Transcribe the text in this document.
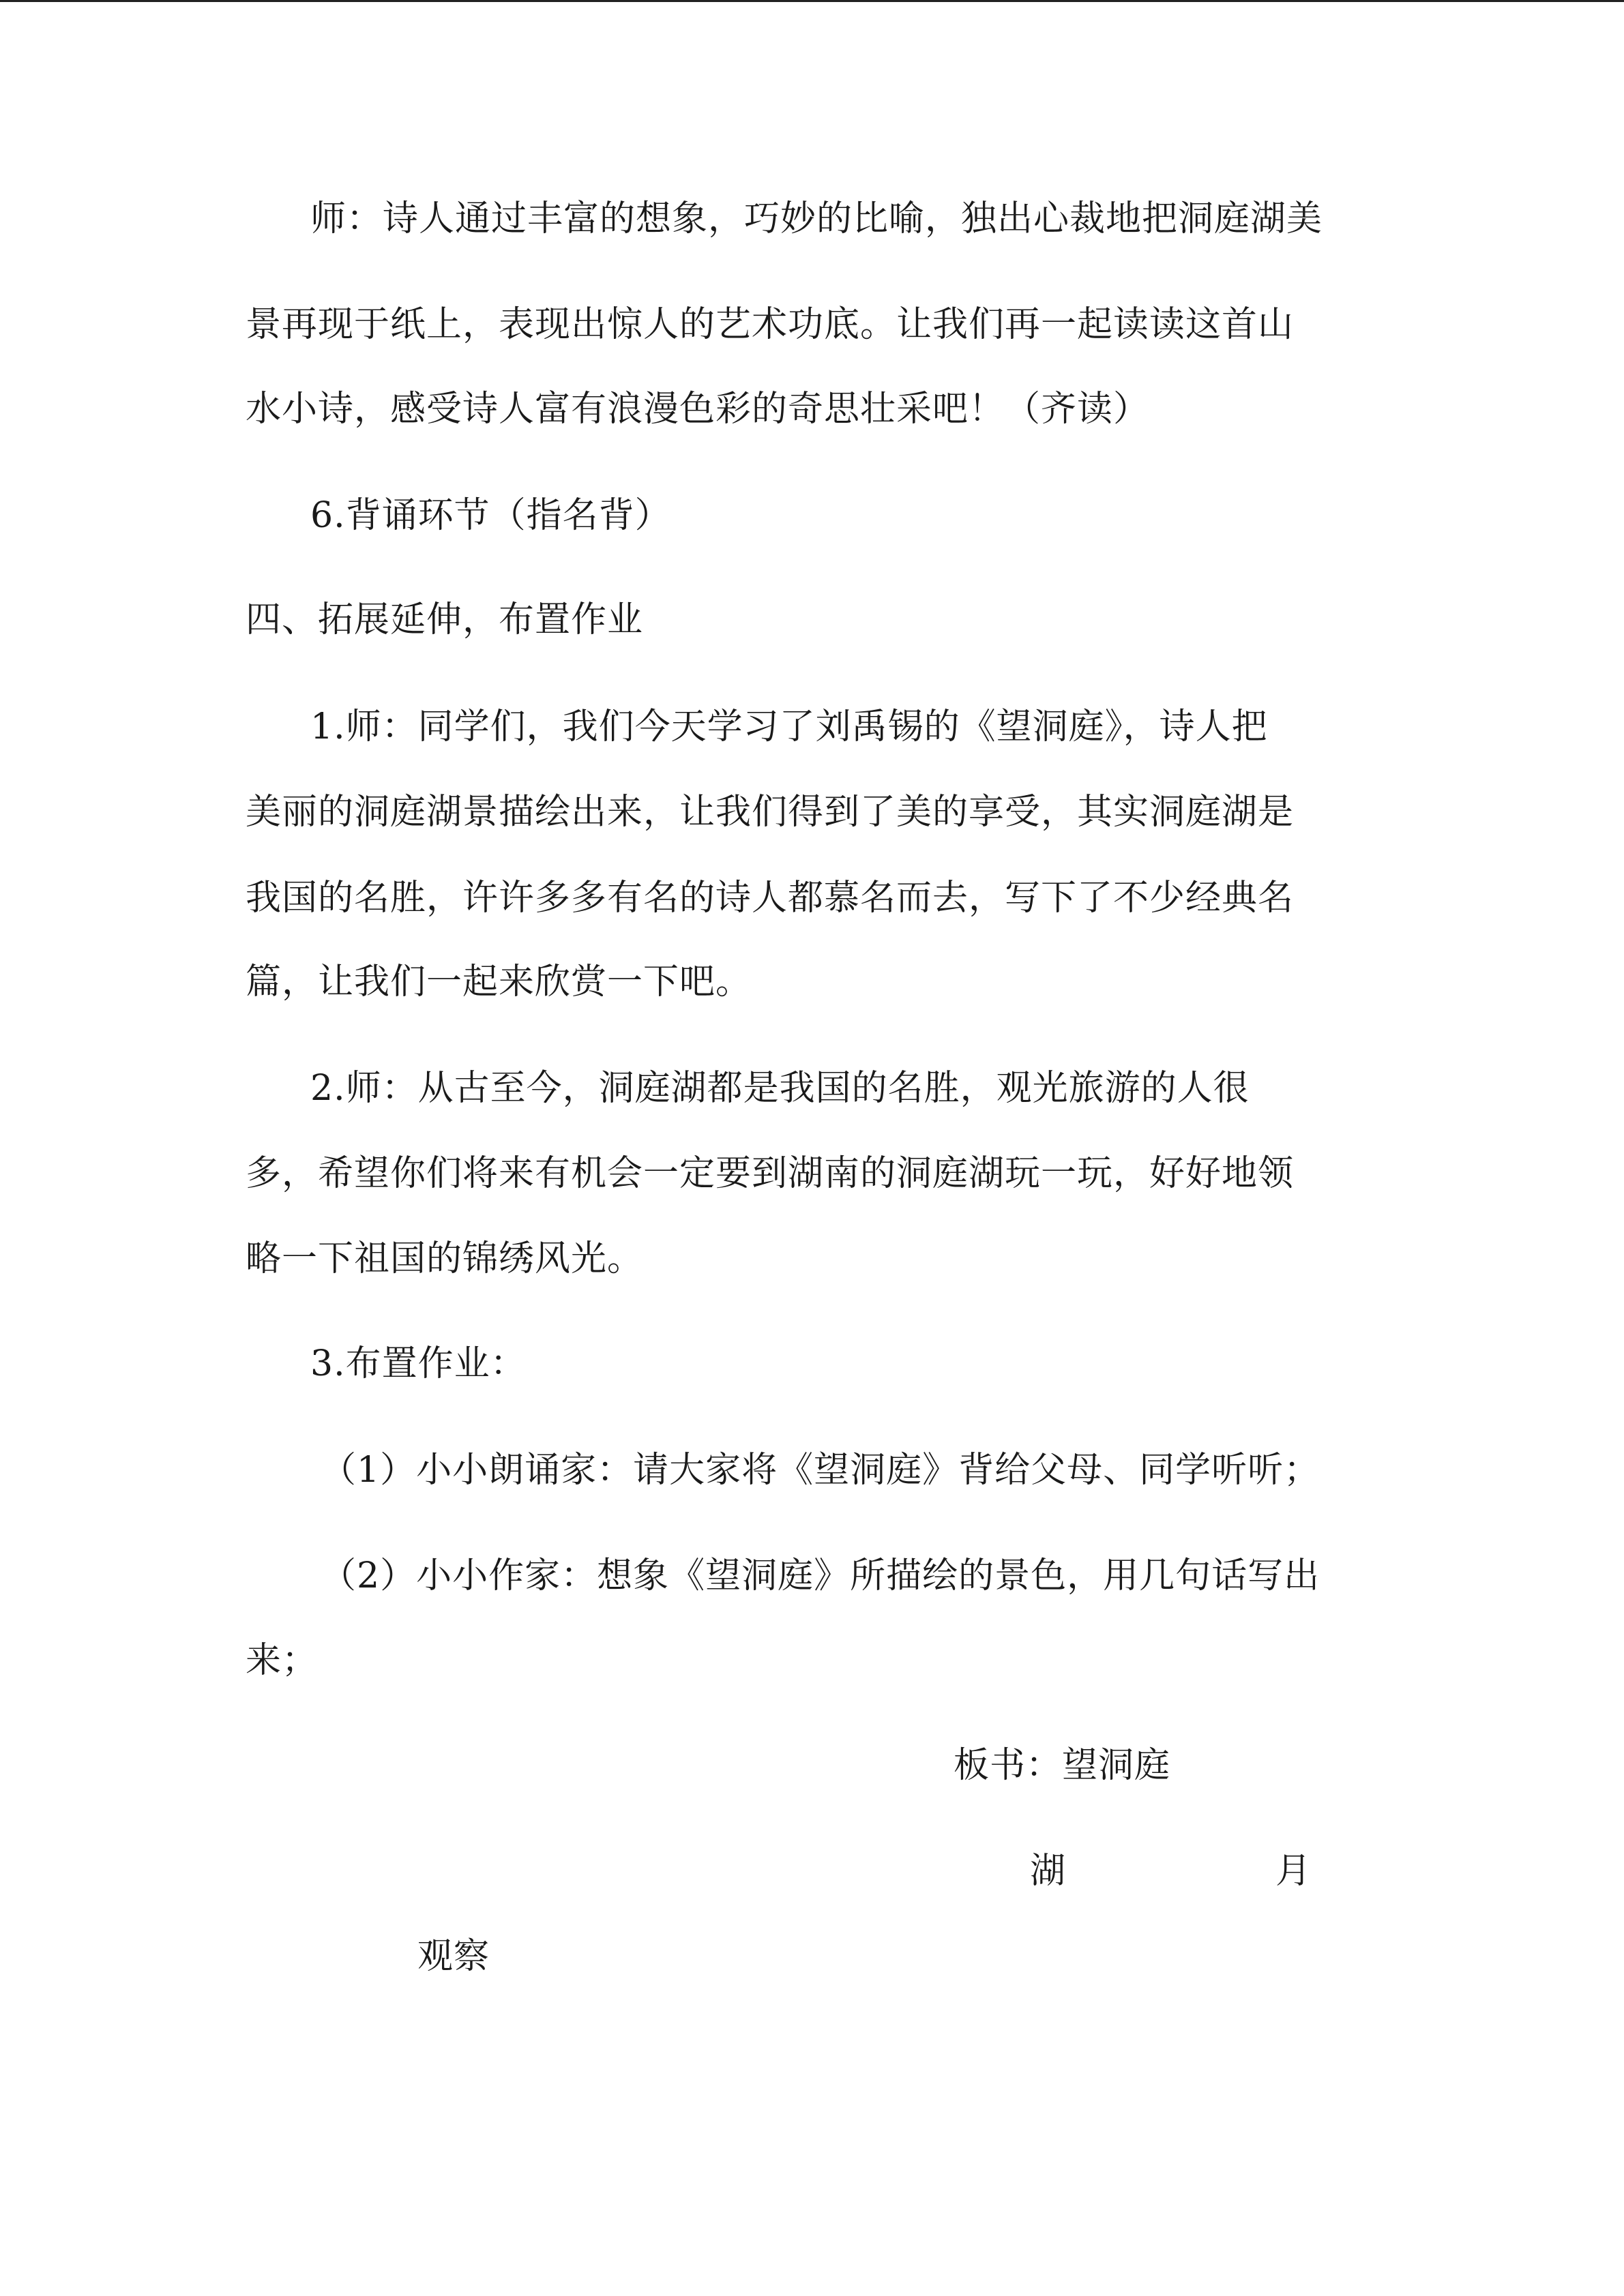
师：诗人通过丰富的想象，巧妙的比喻，独出心裁地把洞庭湖美
景再现于纸上，表现出惊人的艺术功底。让我们再一起读读这首山
水小诗，感受诗人富有浪漫色彩的奇思壮采吧！（齐读）
6.背诵环节（指名背）
四、拓展延伸，布置作业
1.师：同学们，我们今天学习了刘禹锡的《望洞庭》，诗人把
美丽的洞庭湖景描绘出来，让我们得到了美的享受，其实洞庭湖是
我国的名胜，许许多多有名的诗人都慕名而去，写下了不少经典名
篇，让我们一起来欣赏一下吧。
2.师：从古至今，洞庭湖都是我国的名胜，观光旅游的人很
多，希望你们将来有机会一定要到湖南的洞庭湖玩一玩，好好地领
略一下祖国的锦绣风光。
3.布置作业：
（1）小小朗诵家：请大家将《望洞庭》背给父母、同学听听；
（2）小小作家：想象《望洞庭》所描绘的景色，用几句话写出
来；
板书：望洞庭
湖	月
观察
